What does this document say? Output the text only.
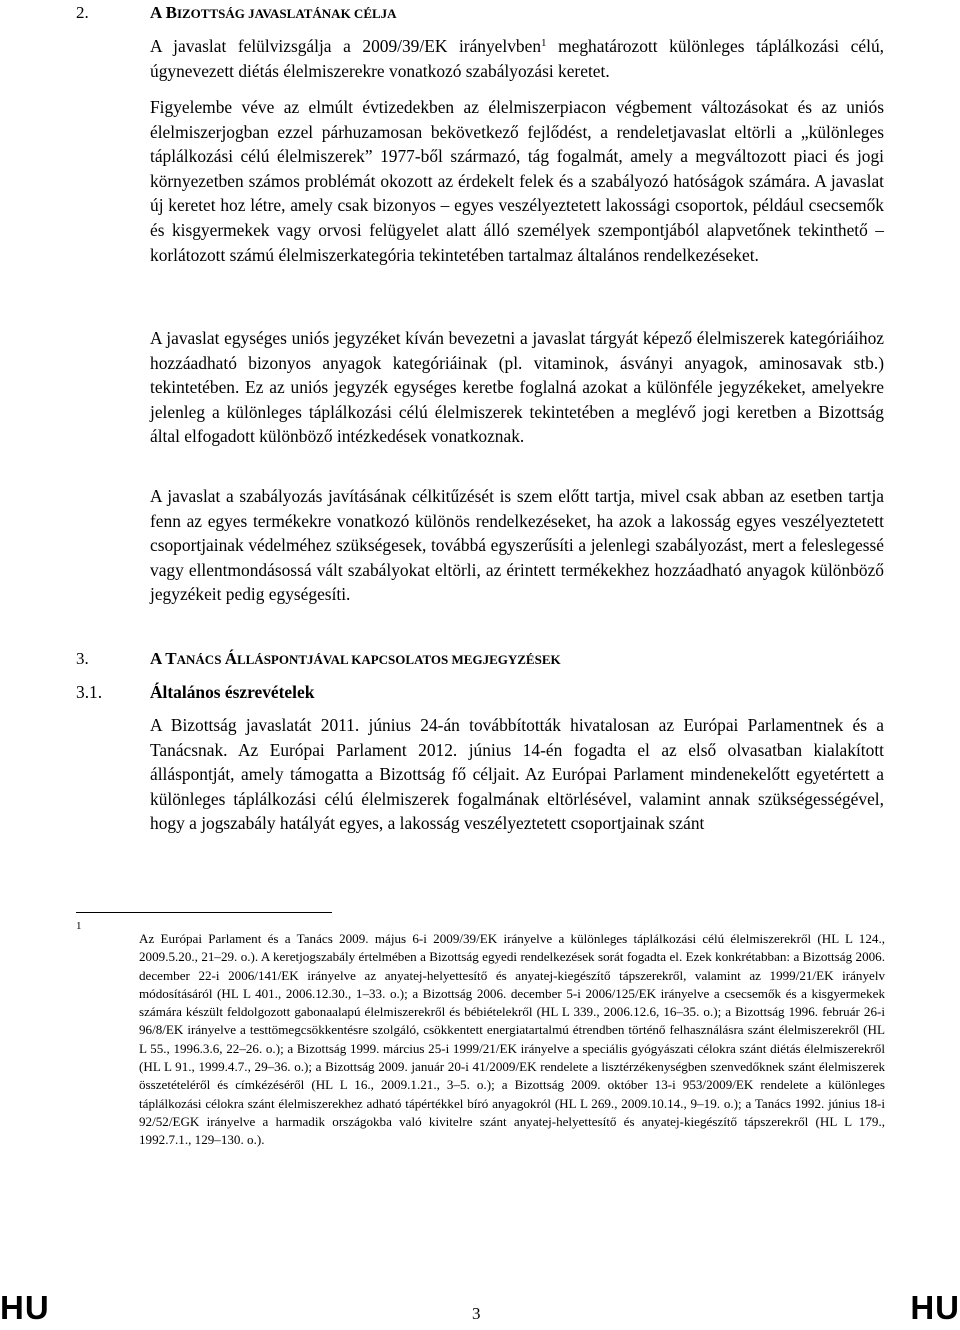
2.	A BIZOTTSÁG JAVASLATÁNAK CÉLJA

A javaslat felülvizsgálja a 2009/39/EK irányelvben$^1$ meghatározott különleges táplálkozási célú, úgynevezett diétás élelmiszerekre vonatkozó szabályozási keretet.

Figyelembe véve az elmúlt évtizedekben az élelmiszerpiacon végbement változásokat és az uniós élelmiszerjogban ezzel párhuzamosan bekövetkező fejlődést, a rendeletjavaslat eltörli a „különleges táplálkozási célú élelmiszerek” 1977-ből származó, tág fogalmát, amely a megváltozott piaci és jogi környezetben számos problémát okozott az érdekelt felek és a szabályozó hatóságok számára. A javaslat új keretet hoz létre, amely csak bizonyos – egyes veszélyeztetett lakossági csoportok, például csecsemők és kisgyermekek vagy orvosi felügyelet alatt álló személyek szempontjából alapvetőnek tekinthető – korlátozott számú élelmiszerkategória tekintetében tartalmaz általános rendelkezéseket.

A javaslat egységes uniós jegyzéket kíván bevezetni a javaslat tárgyát képező élelmiszerek kategóriáihoz hozzáadható bizonyos anyagok kategóriáinak (pl. vitaminok, ásványi anyagok, aminosavak stb.) tekintetében. Ez az uniós jegyzék egységes keretbe foglalná azokat a különféle jegyzékeket, amelyekre jelenleg a különleges táplálkozási célú élelmiszerek tekintetében a meglévő jogi keretben a Bizottság által elfogadott különböző intézkedések vonatkoznak.

A javaslat a szabályozás javításának célkitűzését is szem előtt tartja, mivel csak abban az esetben tartja fenn az egyes termékekre vonatkozó különös rendelkezéseket, ha azok a lakosság egyes veszélyeztetett csoportjainak védelméhez szükségesek, továbbá egyszerűsíti a jelenlegi szabályozást, mert a feleslegessé vagy ellentmondásossá vált szabályokat eltörli, az érintett termékekhez hozzáadható anyagok különböző jegyzékeit pedig egységesíti.

3.	A TANÁCS ÁLLÁSPONTJÁVAL KAPCSOLATOS MEGJEGYZÉSEK
3.1.	Általános észrevételek

A Bizottság javaslatát 2011. június 24-án továbbították hivatalosan az Európai Parlamentnek és a Tanácsnak. Az Európai Parlament 2012. június 14-én fogadta el az első olvasatban kialakított álláspontját, amely támogatta a Bizottság fő céljait. Az Európai Parlament mindenekelőtt egyetértett a különleges táplálkozási célú élelmiszerek fogalmának eltörlésével, valamint annak szükségességével, hogy a jogszabály hatályát egyes, a lakosság veszélyeztetett csoportjainak szánt

1

Az Európai Parlament és a Tanács 2009. május 6-i 2009/39/EK irányelve a különleges táplálkozási célú élelmiszerekről (HL L 124., 2009.5.20., 21–29. o.). A keretjogszabály értelmében a Bizottság egyedi rendelkezések sorát fogadta el. Ezek konkrétabban: a Bizottság 2006. december 22-i 2006/141/EK irányelve az anyatej-helyettesítő és anyatej-kiegészítő tápszerekről, valamint az 1999/21/EK irányelv módosításáról (HL L 401., 2006.12.30., 1–33. o.); a Bizottság 2006. december 5-i 2006/125/EK irányelve a csecsemők és a kisgyermekek számára készült feldolgozott gabonaalapú élelmiszerekről és bébiételekről (HL L 339., 2006.12.6, 16–35. o.); a Bizottság 1996. február 26-i 96/8/EK irányelve a testtömegcsökkentésre szolgáló, csökkentett energiatartalmú étrendben történő felhasználásra szánt élelmiszerekről (HL L 55., 1996.3.6, 22–26. o.); a Bizottság 1999. március 25-i 1999/21/EK irányelve a speciális gyógyászati célokra szánt diétás élelmiszerekről (HL L 91., 1999.4.7., 29–36. o.); a Bizottság 2009. január 20-i 41/2009/EK rendelete a lisztérzékenységben szenvedőknek szánt élelmiszerek összetételéről és címkézéséről (HL L 16., 2009.1.21., 3–5. o.); a Bizottság 2009. október 13-i 953/2009/EK rendelete a különleges táplálkozási célokra szánt élelmiszerekhez adható tápértékkel bíró anyagokról (HL L 269., 2009.10.14., 9–19. o.); a Tanács 1992. június 18-i 92/52/EGK irányelve a harmadik országokba való kivitelre szánt anyatej-helyettesítő és anyatej-kiegészítő tápszerekről (HL L 179., 1992.7.1., 129–130. o.).

HU	3	HU
